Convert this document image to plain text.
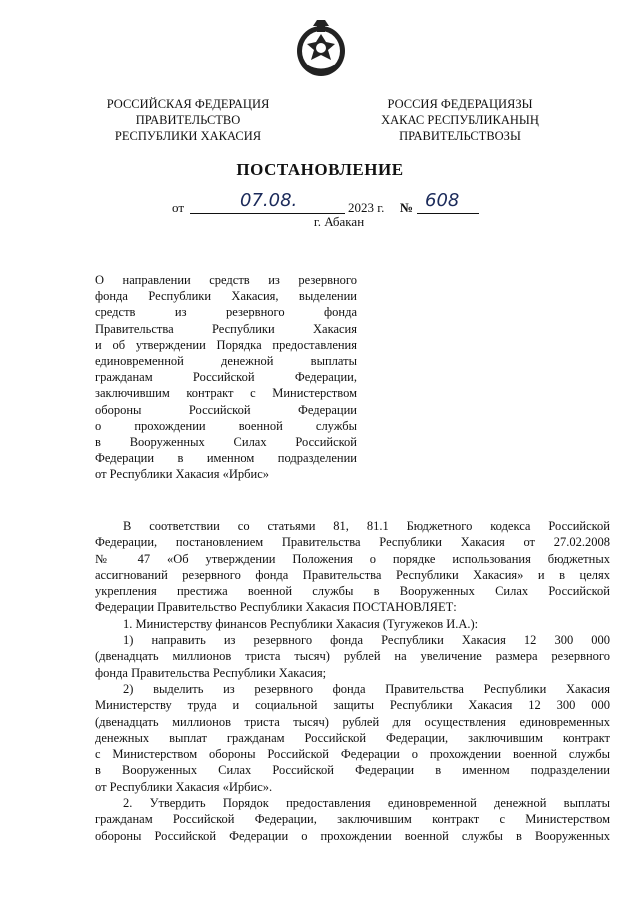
РОССИЙСКАЯ ФЕДЕРАЦИЯ
ПРАВИТЕЛЬСТВО
РЕСПУБЛИКИ ХАКАСИЯ
РОССИЯ ФЕДЕРАЦИЯЗЫ
ХАКАС РЕСПУБЛИКАНЫҢ
ПРАВИТЕЛЬСТВОЗЫ
ПОСТАНОВЛЕНИЕ
от	07.08.	2023 г. № 608
г. Абакан
О направлении средств из резервного
фонда Республики Хакасия, выделении
средств из резервного фонда
Правительства Республики Хакасия
и об утверждении Порядка предоставления
единовременной денежной выплаты
гражданам Российской Федерации,
заключившим контракт с Министерством
обороны Российской Федерации
о прохождении военной службы
в Вооруженных Силах Российской
Федерации в именном подразделении
от Республики Хакасия «Ирбис»
В соответствии со статьями 81, 81.1 Бюджетного кодекса Российской
Федерации, постановлением Правительства Республики Хакасия от 27.02.2008
№ 47 «Об утверждении Положения о порядке использования бюджетных
ассигнований резервного фонда Правительства Республики Хакасия» и в целях
укрепления престижа военной службы в Вооруженных Силах Российской
Федерации Правительство Республики Хакасия ПОСТАНОВЛЯЕТ:
1. Министерству финансов Республики Хакасия (Тугужеков И.А.):
1) направить из резервного фонда Республики Хакасия 12 300 000
(двенадцать миллионов триста тысяч) рублей на увеличение размера резервного
фонда Правительства Республики Хакасия;
2) выделить из резервного фонда Правительства Республики Хакасия
Министерству труда и социальной защиты Республики Хакасия 12 300 000
(двенадцать миллионов триста тысяч) рублей для осуществления единовременных
денежных выплат гражданам Российской Федерации, заключившим контракт
с Министерством обороны Российской Федерации о прохождении военной службы
в Вооруженных Силах Российской Федерации в именном подразделении
от Республики Хакасия «Ирбис».
2. Утвердить Порядок предоставления единовременной денежной выплаты
гражданам Российской Федерации, заключившим контракт с Министерством
обороны Российской Федерации о прохождении военной службы в Вооруженных
